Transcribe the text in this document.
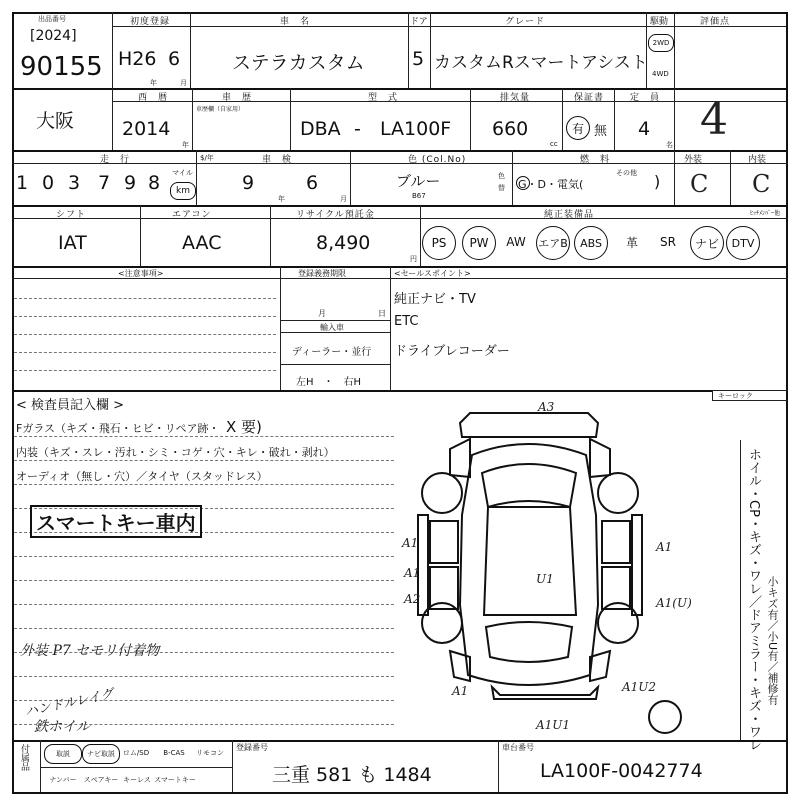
出品番号
[2024]
90155
初度登録
H26 6
年	月
車　名
ステラカスタム
ドア
5
グレード
カスタムRスマートアシスト
駆動
2WD
4WD
評価点
4
大阪
西　暦
2014
年
車　歴
車歴欄（自家用）
型　式
DBA - LA100F
排気量
660
cc
保証書
有 無
定　員
4
名
走　行
1 0 3 7 9 8 マイル
km
$/年	車　検
9
年
6
月
色 (Col.No)
ブルー
B67
色替
燃　料
G・D・電気(
その他 )
外装
C
内装
C
シフト
IAT
エアコン
AAC
リサイクル預託金
8,490
円
純正装備品	ﾋｯﾁﾒﾝﾊﾞｰ他
PS	PW	AW	エアB	ABS	革	SR	ナビ	DTV
<注意事項>	登録義務期限
月	日
輸入車
ディーラー・並行
左H　・　右H
<セールスポイント>
純正ナビ・TV
ETC
ドライブレコーダー
< 検査員記入欄 >
キーロック
Fガラス（キズ・飛石・ヒビ・リペア跡・ X 要)
内装（キズ・スレ・汚れ・シミ・コゲ・穴・キレ・破れ・剥れ）
オーディオ（無し・穴）／タイヤ（スタッドレス）
スマートキー車内
外装 P7 セモリ付着物
ハンドルレイグ
鉄ホイル	ホイル・CP・キズ・ワレ／ドアミラー・キズ・ワレ 小キズ有／小U有／補修有
A3
A1
A1
A2
U1
A1
A1(U)
A1	A1U2
A1U1
付属品	取説	ナビ取説	ロム/SD	B-CAS	リモコン
ナンバー	スペアキー キーレス スマートキー
登録番号
三重 581 も 1484
車台番号
LA100F-0042774
